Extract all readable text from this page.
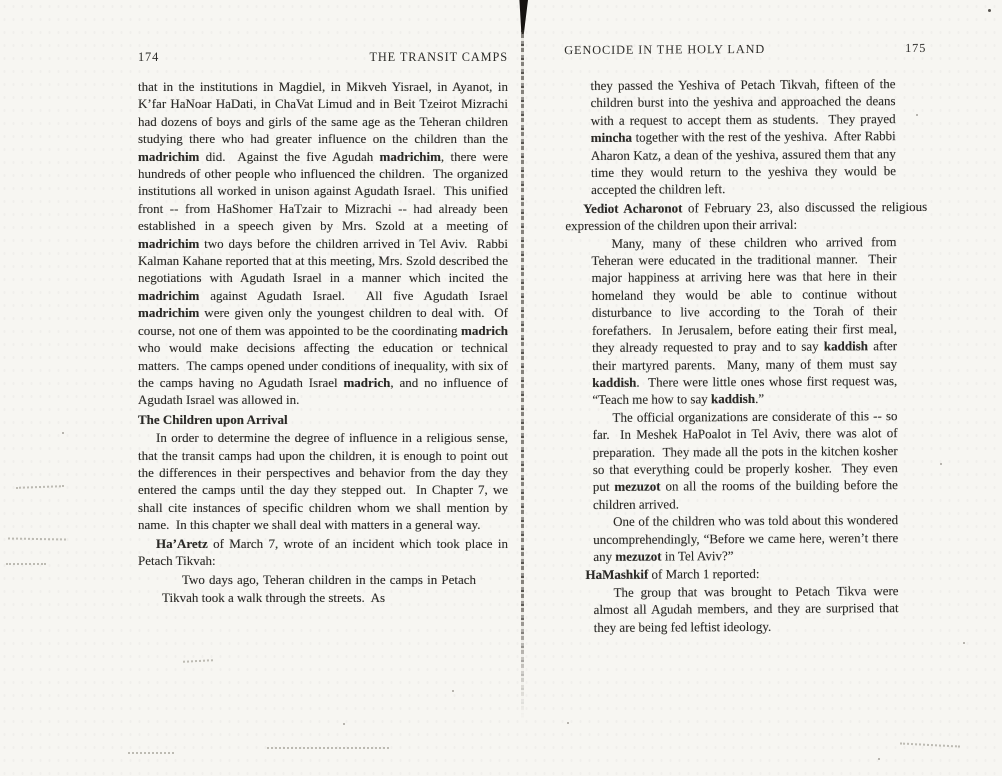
174	THE TRANSIT CAMPS

that in the institutions in Magdiel, in Mikveh Yisrael, in Ayanot, in K’far HaNoar HaDati, in ChaVat Limud and in Beit Tzeirot Mizrachi had dozens of boys and girls of the same age as the Teheran children studying there who had greater influence on the children than the madrichim did.  Against the five Agudah madrichim, there were hundreds of other people who influenced the children.  The organized institutions all worked in unison against Agudath Israel.  This unified front -- from HaShomer HaTzair to Mizrachi -- had already been established in a speech given by Mrs. Szold at a meeting of madrichim two days before the children arrived in Tel Aviv.  Rabbi Kalman Kahane reported that at this meeting, Mrs. Szold described the negotiations with Agudath Israel in a manner which incited the madrichim against Agudath Israel.  All five Agudath Israel madrichim were given only the youngest children to deal with.  Of course, not one of them was appointed to be the coordinating madrich who would make decisions affecting the education or technical matters.  The camps opened under conditions of inequality, with six of the camps having no Agudath Israel madrich, and no influence of Agudath Israel was allowed in.

The Children upon Arrival

In order to determine the degree of influence in a religious sense, that the transit camps had upon the children, it is enough to point out the differences in their perspectives and behavior from the day they entered the camps until the day they stepped out.  In Chapter 7, we shall cite instances of specific children whom we shall mention by name.  In this chapter we shall deal with matters in a general way.

Ha’Aretz of March 7, wrote of an incident which took place in Petach Tikvah:

Two days ago, Teheran children in the camps in Petach Tikvah took a walk through the streets.  As

GENOCIDE IN THE HOLY LAND	175

they passed the Yeshiva of Petach Tikvah, fifteen of the children burst into the yeshiva and approached the deans with a request to accept them as students.  They prayed mincha together with the rest of the yeshiva.  After Rabbi Aharon Katz, a dean of the yeshiva, assured them that any time they would return to the yeshiva they would be accepted the children left.

Yediot Acharonot of February 23, also discussed the religious expression of the children upon their arrival:

Many, many of these children who arrived from Teheran were educated in the traditional manner.  Their major happiness at arriving here was that here in their homeland they would be able to continue without disturbance to live according to the Torah of their forefathers.  In Jerusalem, before eating their first meal, they already requested to pray and to say kaddish after their martyred parents.  Many, many of them must say kaddish.  There were little ones whose first request was, “Teach me how to say kaddish.”

The official organizations are considerate of this -- so far.  In Meshek HaPoalot in Tel Aviv, there was alot of preparation.  They made all the pots in the kitchen kosher so that everything could be properly kosher.  They even put mezuzot on all the rooms of the building before the children arrived.

One of the children who was told about this wondered uncomprehendingly, “Before we came here, weren’t there any mezuzot in Tel Aviv?”

HaMashkif of March 1 reported:

The group that was brought to Petach Tikva were almost all Agudah members, and they are surprised that they are being fed leftist ideology.
